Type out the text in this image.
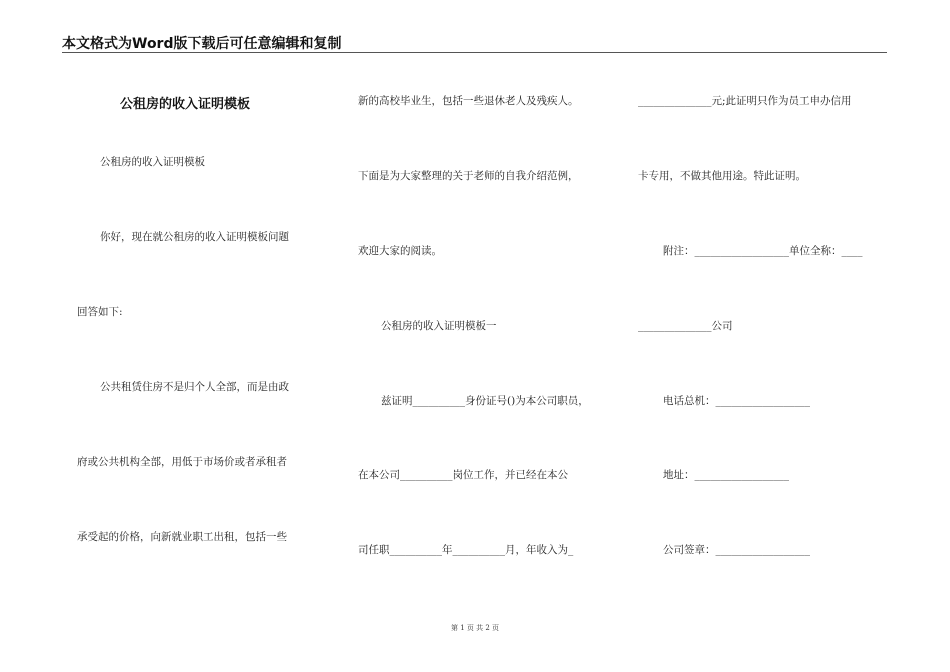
本文格式为Word版下载后可任意编辑和复制
公租房的收入证明模板
公租房的收入证明模板
你好，现在就公租房的收入证明模板问题
回答如下:
公共租赁住房不是归个人全部，而是由政
府或公共机构全部，用低于市场价或者承租者
承受起的价格，向新就业职工出租，包括一些
新的高校毕业生，包括一些退休老人及残疾人。
下面是为大家整理的关于老师的自我介绍范例，
欢迎大家的阅读。
公租房的收入证明模板一
兹证明__________身份证号()为本公司职员，
在本公司__________岗位工作，并已经在本公
司任职__________年__________月，年收入为_
______________元;此证明只作为员工申办信用
卡专用，不做其他用途。特此证明。
附注：__________________单位全称：____
______________公司
电话总机：__________________
地址：__________________
公司签章：__________________
第 1 页 共 2 页
